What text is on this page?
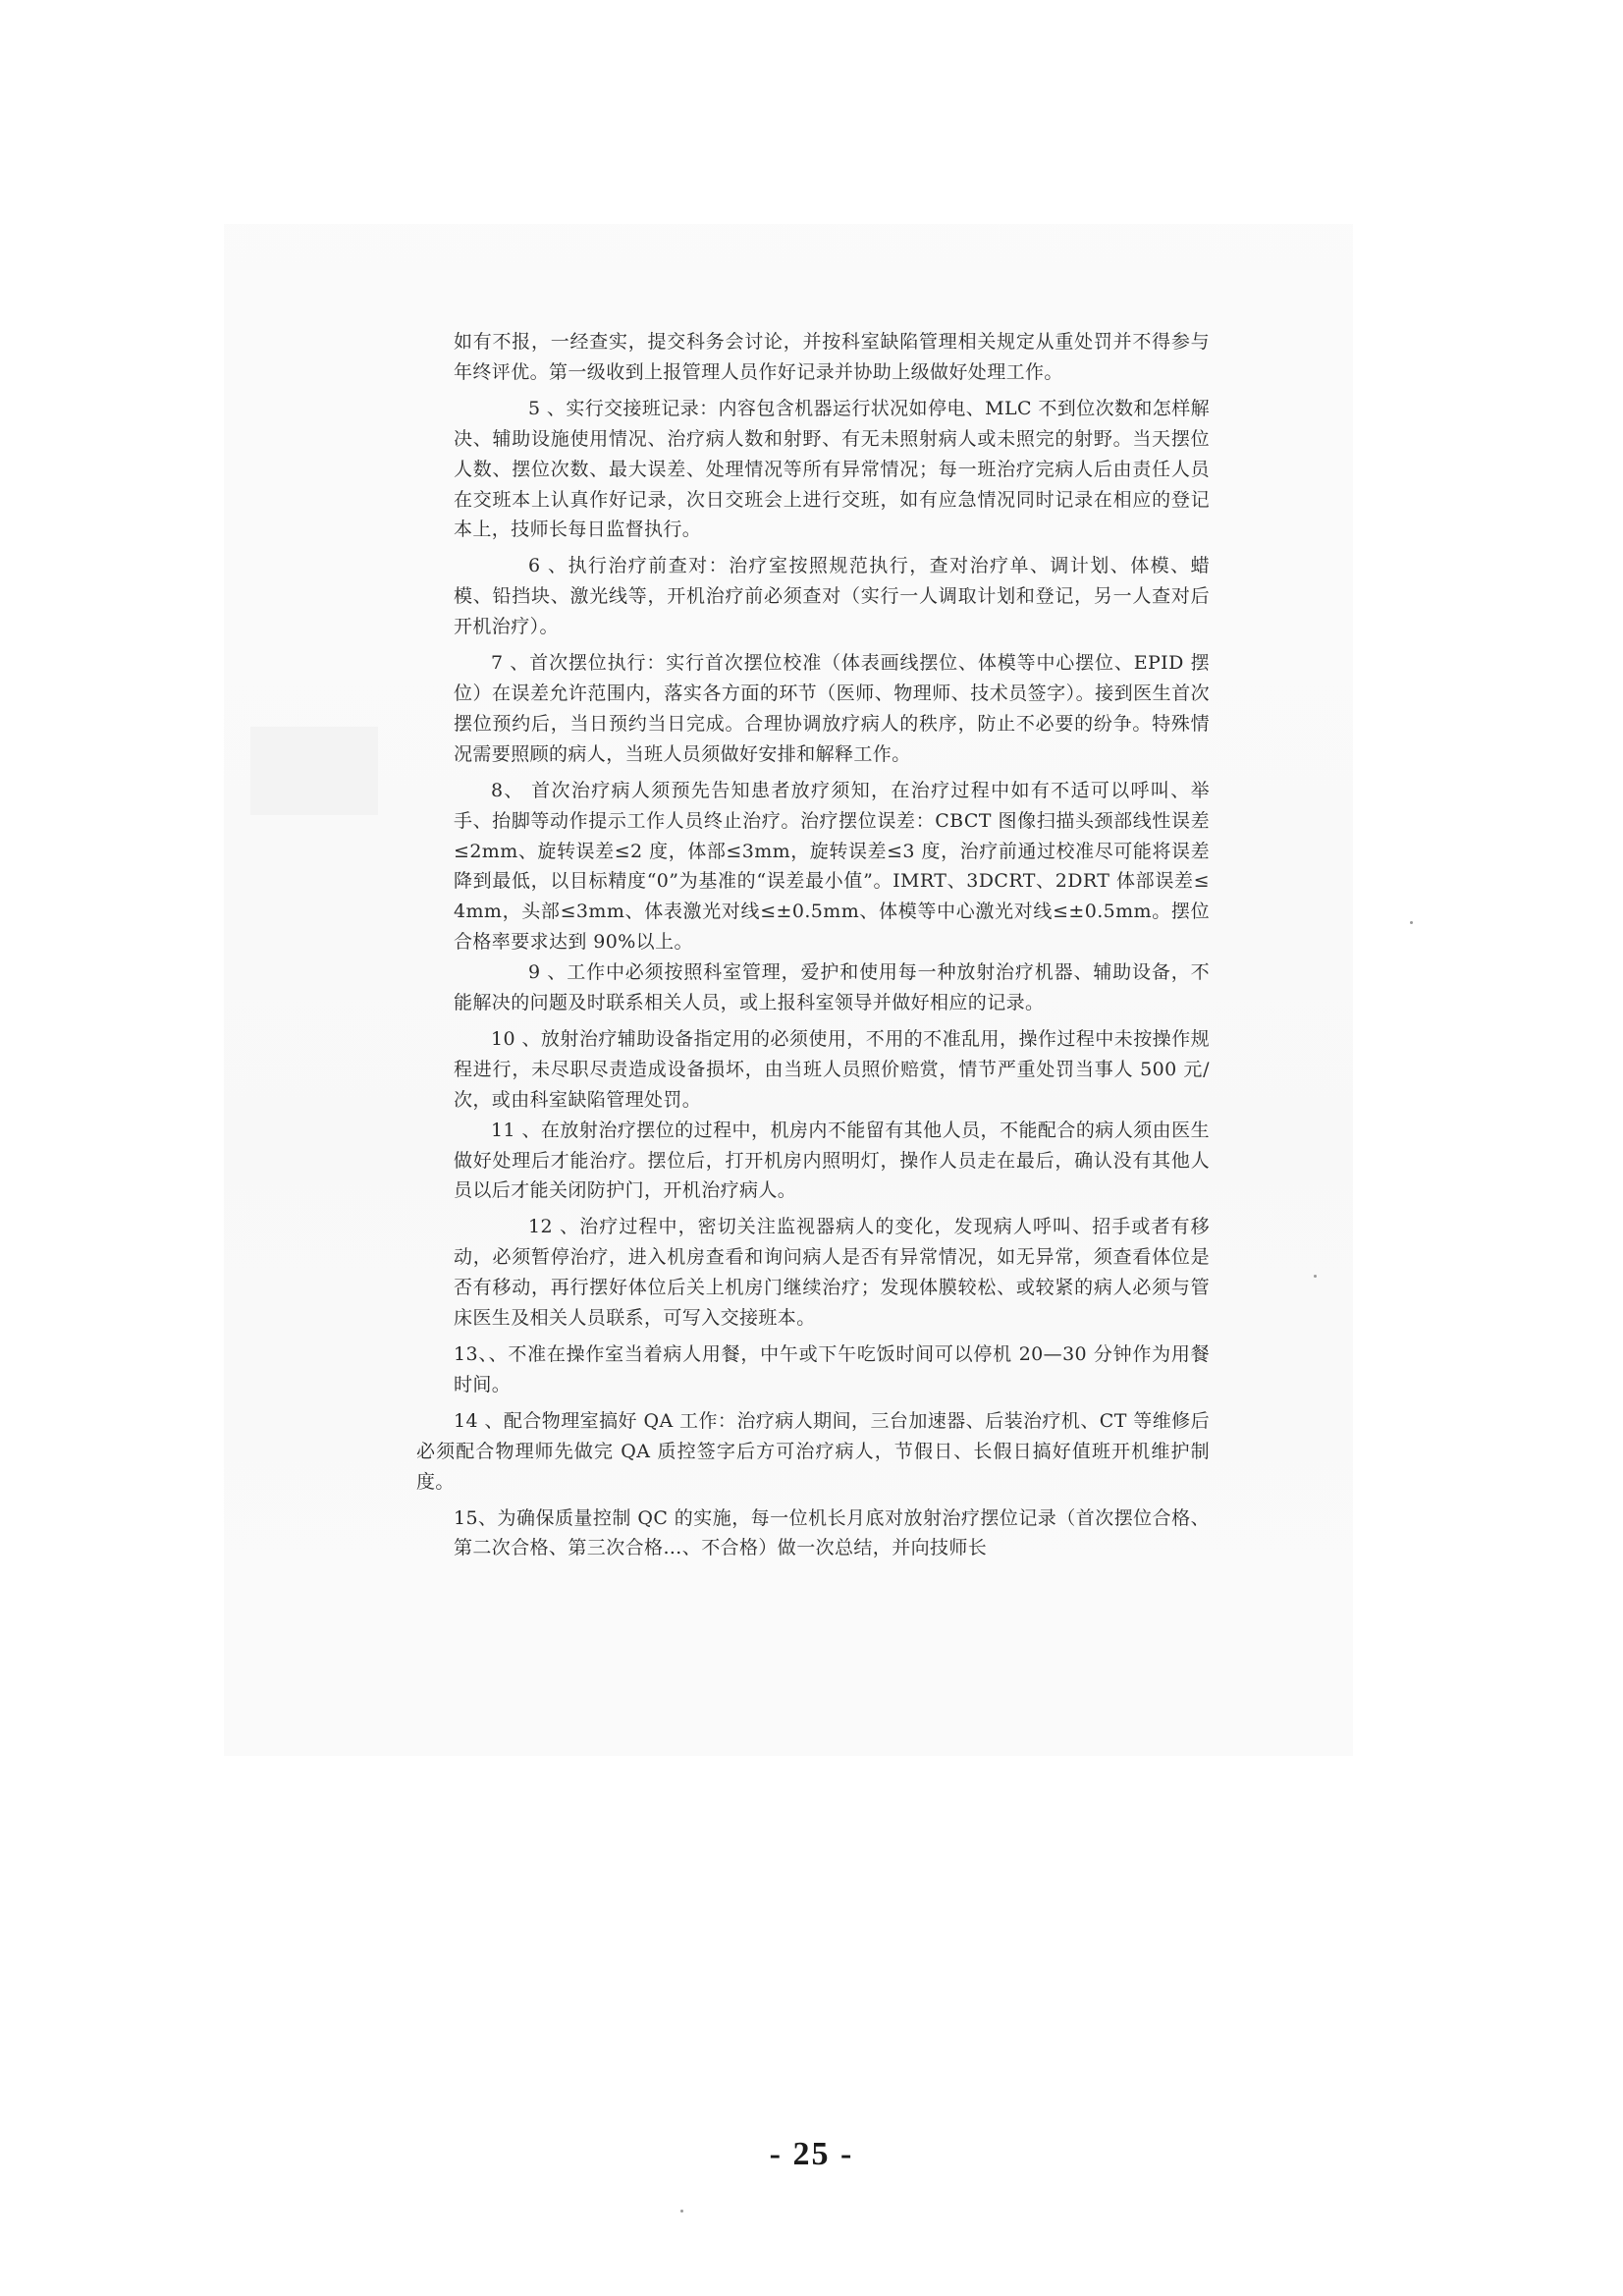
如有不报，一经查实，提交科务会讨论，并按科室缺陷管理相关规定从重处罚并不得参与年终评优。第一级收到上报管理人员作好记录并协助上级做好处理工作。

5 、实行交接班记录：内容包含机器运行状况如停电、MLC 不到位次数和怎样解决、辅助设施使用情况、治疗病人数和射野、有无未照射病人或未照完的射野。当天摆位人数、摆位次数、最大误差、处理情况等所有异常情况；每一班治疗完病人后由责任人员在交班本上认真作好记录，次日交班会上进行交班，如有应急情况同时记录在相应的登记本上，技师长每日监督执行。

6 、执行治疗前查对：治疗室按照规范执行，查对治疗单、调计划、体模、蜡模、铅挡块、激光线等，开机治疗前必须查对（实行一人调取计划和登记，另一人查对后开机治疗）。

7 、首次摆位执行：实行首次摆位校准（体表画线摆位、体模等中心摆位、EPID 摆位）在误差允许范围内，落实各方面的环节（医师、物理师、技术员签字）。接到医生首次摆位预约后，当日预约当日完成。合理协调放疗病人的秩序，防止不必要的纷争。特殊情况需要照顾的病人，当班人员须做好安排和解释工作。

8、 首次治疗病人须预先告知患者放疗须知，在治疗过程中如有不适可以呼叫、举手、抬脚等动作提示工作人员终止治疗。治疗摆位误差：CBCT 图像扫描头颈部线性误差≤2mm、旋转误差≤2 度，体部≤3mm，旋转误差≤3 度，治疗前通过校准尽可能将误差降到最低，以目标精度“0”为基准的“误差最小值”。IMRT、3DCRT、2DRT 体部误差≤4mm，头部≤3mm、体表激光对线≤±0.5mm、体模等中心激光对线≤±0.5mm。摆位合格率要求达到 90%以上。

9 、工作中必须按照科室管理，爱护和使用每一种放射治疗机器、辅助设备，不能解决的问题及时联系相关人员，或上报科室领导并做好相应的记录。

10 、放射治疗辅助设备指定用的必须使用，不用的不准乱用，操作过程中未按操作规程进行，未尽职尽责造成设备损坏，由当班人员照价赔赏，情节严重处罚当事人 500 元/次，或由科室缺陷管理处罚。

11 、在放射治疗摆位的过程中，机房内不能留有其他人员，不能配合的病人须由医生做好处理后才能治疗。摆位后，打开机房内照明灯，操作人员走在最后，确认没有其他人员以后才能关闭防护门，开机治疗病人。

12 、治疗过程中，密切关注监视器病人的变化，发现病人呼叫、招手或者有移动，必须暂停治疗，进入机房查看和询问病人是否有异常情况，如无异常，须查看体位是否有移动，再行摆好体位后关上机房门继续治疗；发现体膜较松、或较紧的病人必须与管床医生及相关人员联系，可写入交接班本。

13、、不准在操作室当着病人用餐，中午或下午吃饭时间可以停机 20—30 分钟作为用餐时间。

14 、配合物理室搞好 QA 工作：治疗病人期间，三台加速器、后装治疗机、CT 等维修后必须配合物理师先做完 QA 质控签字后方可治疗病人，节假日、长假日搞好值班开机维护制度。

15、为确保质量控制 QC 的实施，每一位机长月底对放射治疗摆位记录（首次摆位合格、第二次合格、第三次合格…、不合格）做一次总结，并向技师长

- 25 -
